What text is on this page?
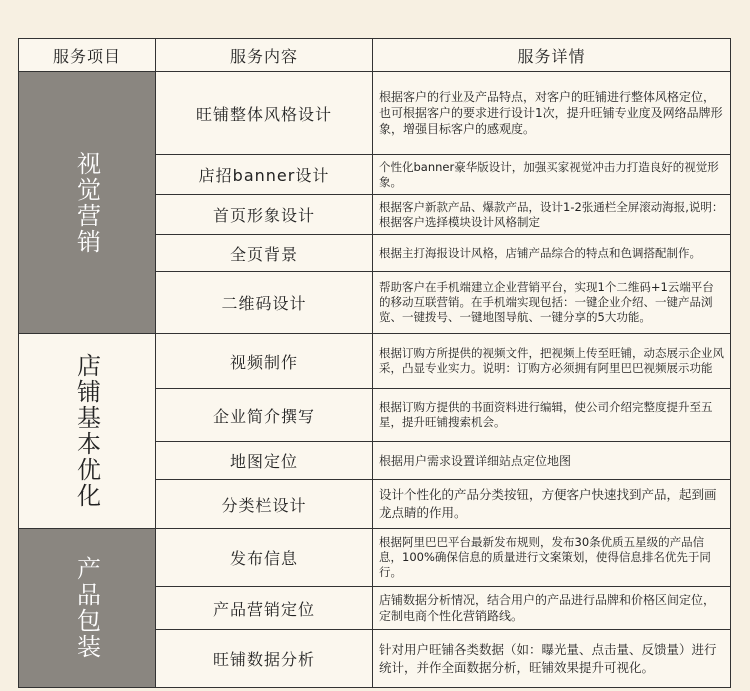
服务项目	服务内容	服务详情

视觉营销	旺铺整体风格设计	根据客户的行业及产品特点，对客户的旺铺进行整体风格定位，也可根据客户的要求进行设计1次，提升旺铺专业度及网络品牌形象，增强目标客户的感观度。
	店招banner设计	个性化banner豪华版设计，加强买家视觉冲击力打造良好的视觉形象。
	首页形象设计	根据客户新款产品、爆款产品，设计1-2张通栏全屏滚动海报,说明：根据客户选择模块设计风格制定
	全页背景	根据主打海报设计风格，店铺产品综合的特点和色调搭配制作。
	二维码设计	帮助客户在手机端建立企业营销平台，实现1个二维码+1云端平台的移动互联营销。在手机端实现包括：一键企业介绍、一键产品浏览、一键拨号、一键地图导航、一键分享的5大功能。

店铺基本优化	视频制作	根据订购方所提供的视频文件，把视频上传至旺铺，动态展示企业风采，凸显专业实力。说明：订购方必须拥有阿里巴巴视频展示功能
	企业简介撰写	根据订购方提供的书面资料进行编辑，使公司介绍完整度提升至五星，提升旺铺搜索机会。
	地图定位	根据用户需求设置详细站点定位地图
	分类栏设计	设计个性化的产品分类按钮，方便客户快速找到产品，起到画龙点睛的作用。

产品包装	发布信息	根据阿里巴巴平台最新发布规则，发布30条优质五星级的产品信息，100%确保信息的质量进行文案策划，使得信息排名优先于同行。
	产品营销定位	店铺数据分析情况，结合用户的产品进行品牌和价格区间定位，定制电商个性化营销路线。
	旺铺数据分析	针对用户旺铺各类数据（如：曝光量、点击量、反馈量）进行统计，并作全面数据分析，旺铺效果提升可视化。
